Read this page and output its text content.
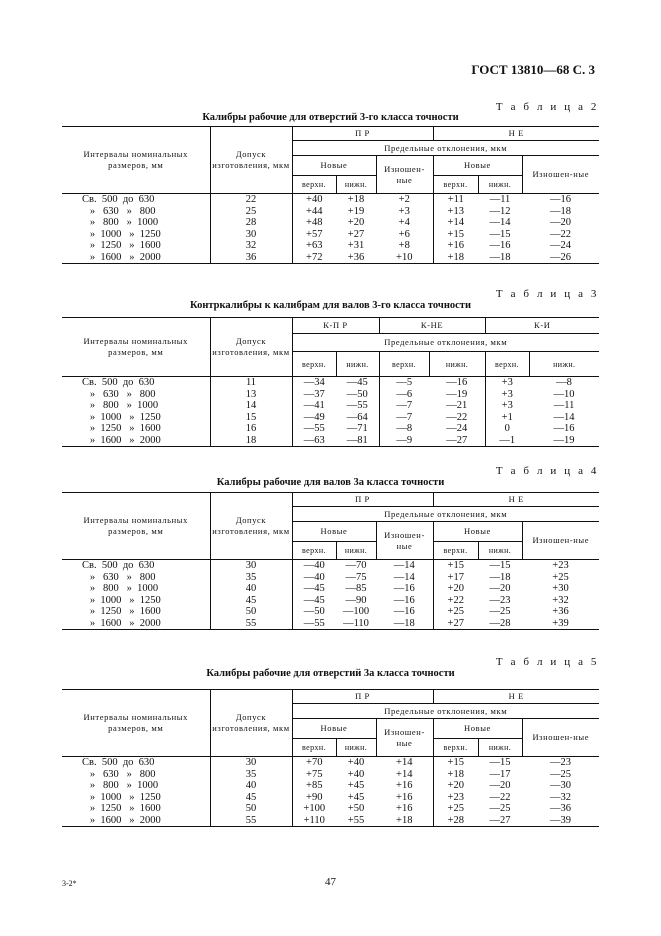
ГОСТ 13810—68 С. 3
Т а б л и ц а 2
Калибры рабочие для отверстий 3-го класса точности
Интервалы номинальных размеров, мм	Допуск изготовления, мкм	П Р			Н Е		
		Предельные отклонения, мкм					
		Новые		Изношен-ные	Новые		Изношен-ные
		верхн.	нижн.		верхн.	нижн.	
Св.  500  до  630	22	+40	+18	+2	+11	—11	—16
»   630   »   800	25	+44	+19	+3	+13	—12	—18
»   800   »  1000	28	+48	+20	+4	+14	—14	—20
»  1000   »  1250	30	+57	+27	+6	+15	—15	—22
»  1250   »  1600	32	+63	+31	+8	+16	—16	—24
»  1600   »  2000	36	+72	+36	+10	+18	—18	—26
Т а б л и ц а 3
Контркалибры к калибрам для валов 3-го класса точности
Интервалы номинальных размеров, мм	Допуск изготовления, мкм	К-П Р		К-НЕ		К-И	
		Предельные отклонения, мкм					
		верхн.	нижн.	верхн.	нижн.	верхн.	нижн.
Св.  500  до  630	11	—34	—45	—5	—16	+3	—8
»   630   »   800	13	—37	—50	—6	—19	+3	—10
»   800   »  1000	14	—41	—55	—7	—21	+3	—11
»  1000   »  1250	15	—49	—64	—7	—22	+1	—14
»  1250   »  1600	16	—55	—71	—8	—24	0	—16
»  1600   »  2000	18	—63	—81	—9	—27	—1	—19
Т а б л и ц а 4
Калибры рабочие для валов 3а класса точности
Интервалы номинальных размеров, мм	Допуск изготовления, мкм	П Р			Н Е		
		Предельные отклонения, мкм					
		Новые		Изношен-ные	Новые		Изношен-ные
		верхн.	нижн.		верхн.	нижн.	
Св.  500  до  630	30	—40	—70	—14	+15	—15	+23
»   630   »   800	35	—40	—75	—14	+17	—18	+25
»   800   »  1000	40	—45	—85	—16	+20	—20	+30
»  1000   »  1250	45	—45	—90	—16	+22	—23	+32
»  1250   »  1600	50	—50	—100	—16	+25	—25	+36
»  1600   »  2000	55	—55	—110	—18	+27	—28	+39
Т а б л и ц а 5
Калибры рабочие для отверстий 3а класса точности
Интервалы номинальных размеров, мм	Допуск изготовления, мкм	П Р			Н Е		
		Предельные отклонения, мкм					
		Новые		Изношен-ные	Новые		Изношен-ные
		верхн.	нижн.		верхн.	нижн.	
Св.  500  до  630	30	+70	+40	+14	+15	—15	—23
»   630   »   800	35	+75	+40	+14	+18	—17	—25
»   800   »  1000	40	+85	+45	+16	+20	—20	—30
»  1000   »  1250	45	+90	+45	+16	+23	—22	—32
»  1250   »  1600	50	+100	+50	+16	+25	—25	—36
»  1600   »  2000	55	+110	+55	+18	+28	—27	—39
3-2*	47
